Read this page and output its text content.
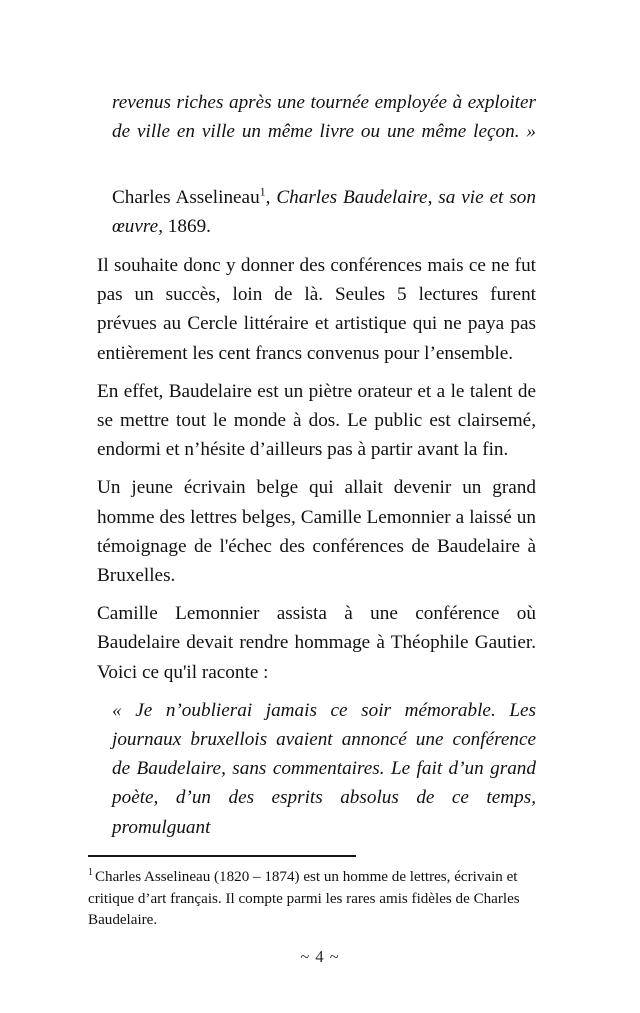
revenus riches après une tournée employée à exploiter de ville en ville un même livre ou une même leçon. »

Charles Asselineau$^1$, Charles Baudelaire, sa vie et son œuvre, 1869.

Il souhaite donc y donner des conférences mais ce ne fut pas un succès, loin de là. Seules 5 lectures furent prévues au Cercle littéraire et artistique qui ne paya pas entièrement les cent francs convenus pour l’ensemble.

En effet, Baudelaire est un piètre orateur et a le talent de se mettre tout le monde à dos. Le public est clairsemé, endormi et n’hésite d’ailleurs pas à partir avant la fin.

Un jeune écrivain belge qui allait devenir un grand homme des lettres belges, Camille Lemonnier a laissé un témoignage de l'échec des conférences de Baudelaire à Bruxelles.

Camille Lemonnier assista à une conférence où Baudelaire devait rendre hommage à Théophile Gautier. Voici ce qu'il raconte :

« Je n’oublierai jamais ce soir mémorable. Les journaux bruxellois avaient annoncé une conférence de Baudelaire, sans commentaires. Le fait d’un grand poète, d’un des esprits absolus de ce temps, promulguant

$^1$ Charles Asselineau (1820 – 1874) est un homme de lettres, écrivain et critique d’art français. Il compte parmi les rares amis fidèles de Charles Baudelaire.

~ 4 ~
